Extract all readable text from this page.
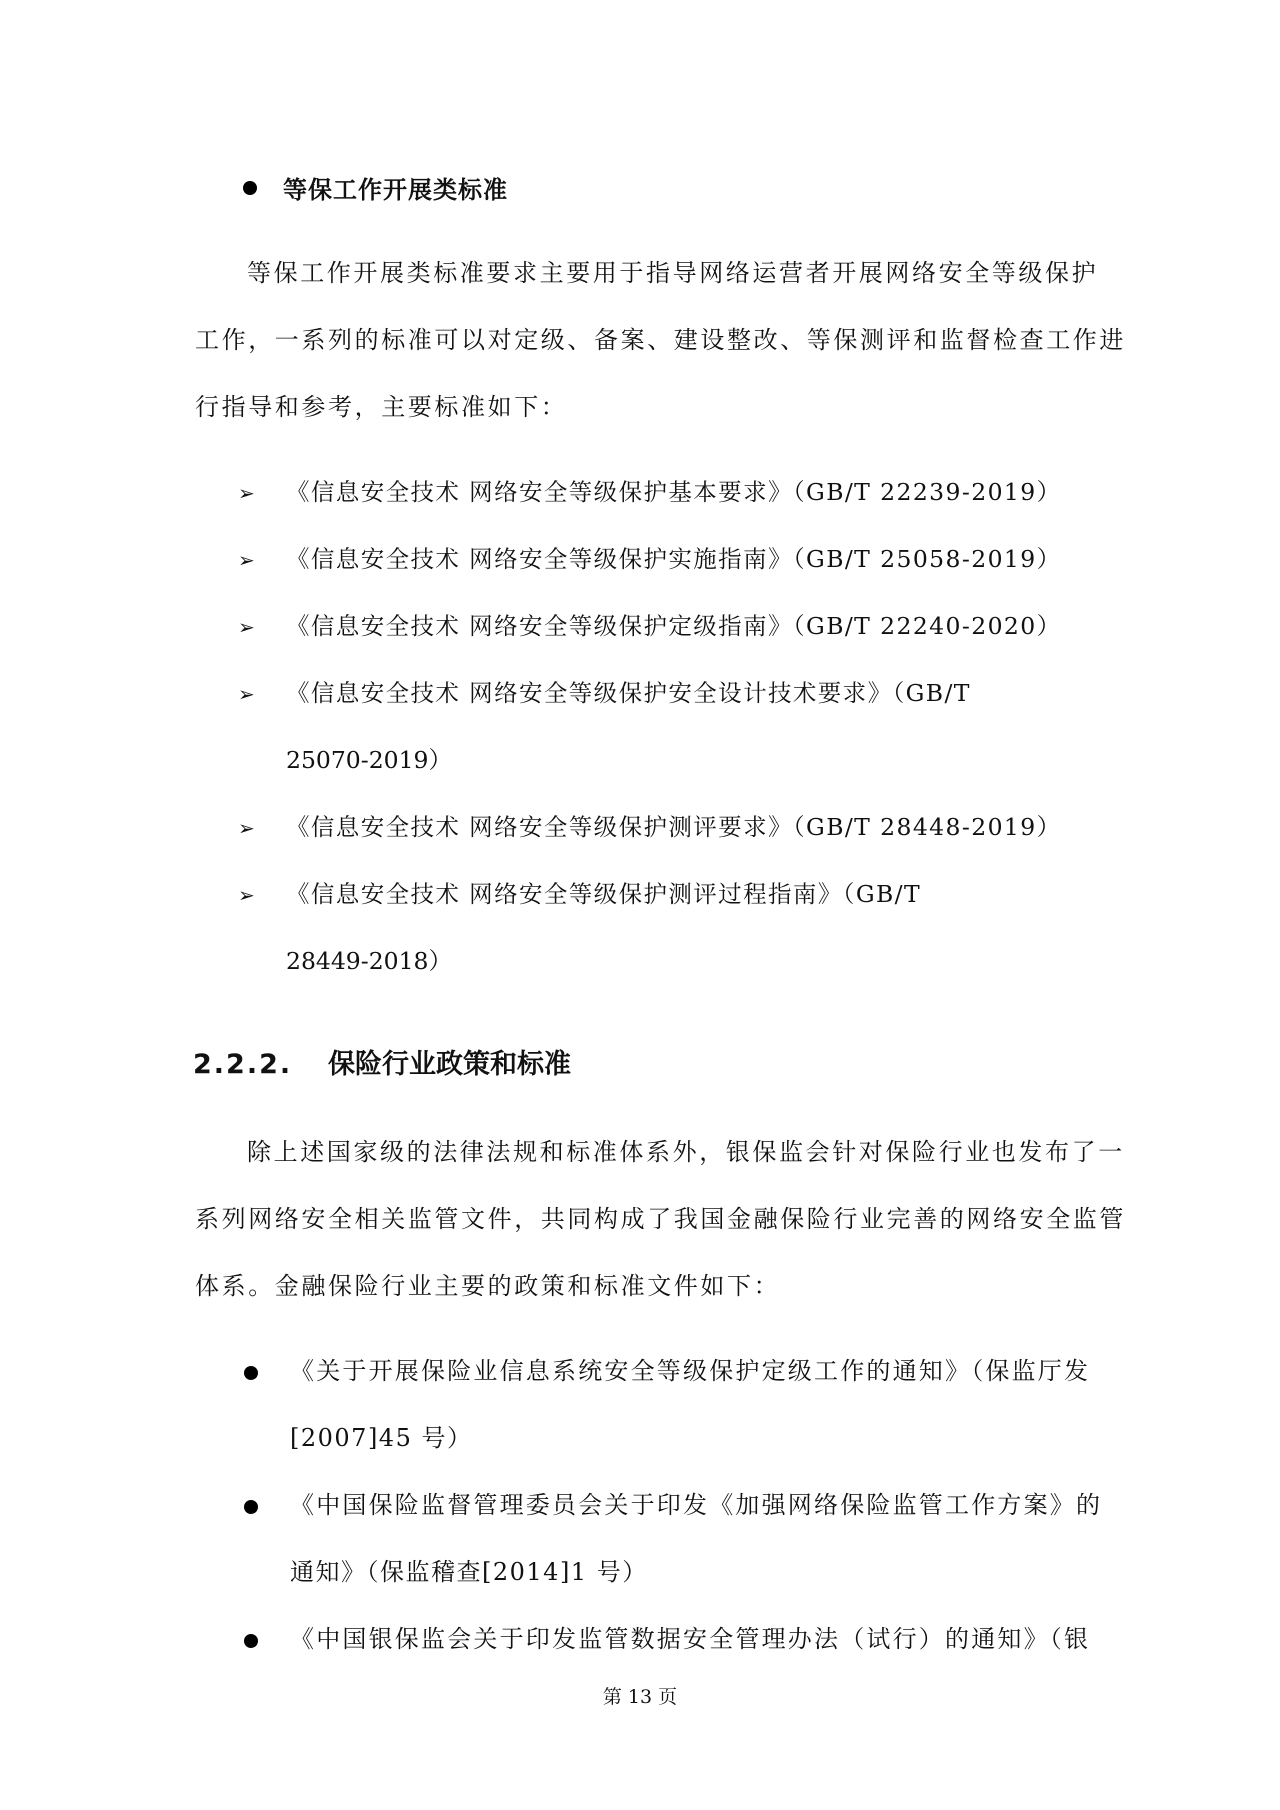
等保工作开展类标准

等保工作开展类标准要求主要用于指导网络运营者开展网络安全等级保护
工作，一系列的标准可以对定级、备案、建设整改、等保测评和监督检查工作进
行指导和参考，主要标准如下：

➢ 《信息安全技术 网络安全等级保护基本要求》（GB/T 22239-2019）
➢ 《信息安全技术 网络安全等级保护实施指南》（GB/T 25058-2019）
➢ 《信息安全技术 网络安全等级保护定级指南》（GB/T 22240-2020）
➢ 《信息安全技术 网络安全等级保护安全设计技术要求》（GB/T
25070-2019）
➢ 《信息安全技术 网络安全等级保护测评要求》（GB/T 28448-2019）
➢ 《信息安全技术 网络安全等级保护测评过程指南》（GB/T
28449-2018）
2.2.2. 保险行业政策和标准

除上述国家级的法律法规和标准体系外，银保监会针对保险行业也发布了一
系列网络安全相关监管文件，共同构成了我国金融保险行业完善的网络安全监管
体系。金融保险行业主要的政策和标准文件如下：

《关于开展保险业信息系统安全等级保护定级工作的通知》（保监厅发
[2007]45 号）
《中国保险监督管理委员会关于印发《加强网络保险监管工作方案》的
通知》（保监稽查[2014]1 号）
《中国银保监会关于印发监管数据安全管理办法（试行）的通知》（银
第 13 页
